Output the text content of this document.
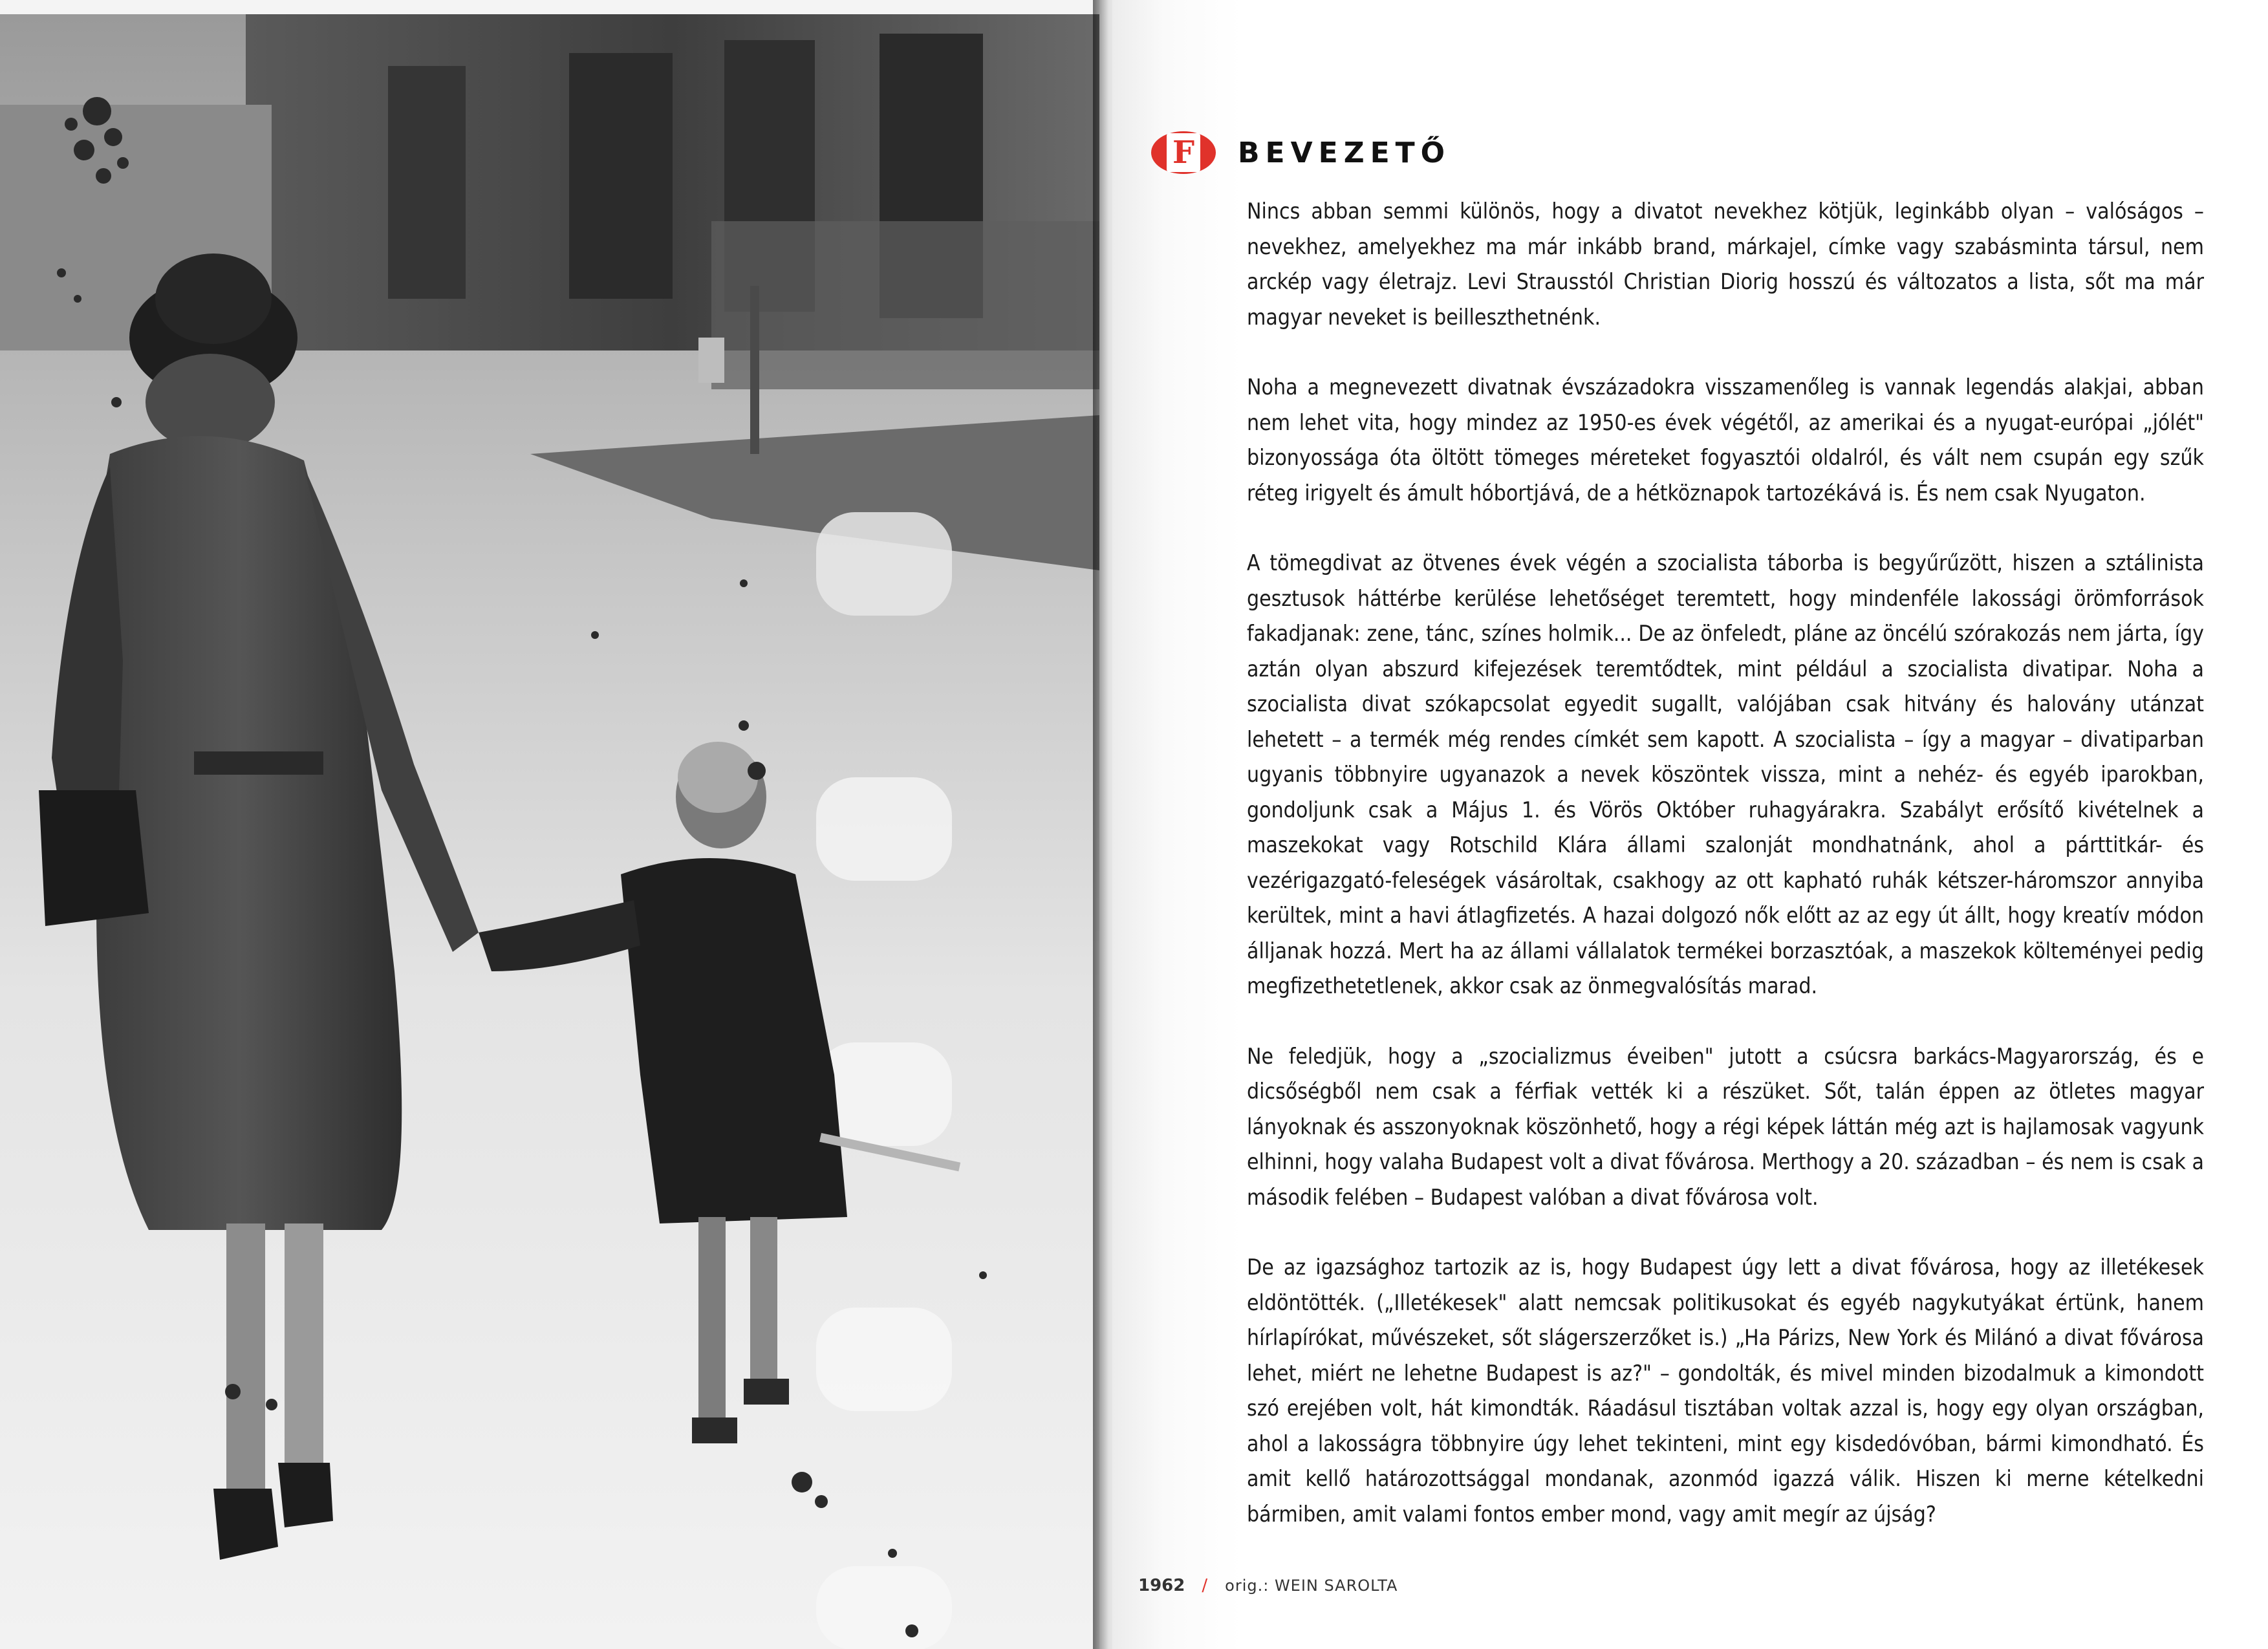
F BEVEZETŐ

Nincs abban semmi különös, hogy a divatot nevekhez kötjük, leginkább olyan – valóságos – nevekhez, amelyekhez ma már inkább brand, márkajel, címke vagy szabásminta társul, nem arckép vagy életrajz. Levi Strausstól Christian Diorig hosszú és változatos a lista, sőt ma már magyar neveket is beilleszthetnénk.

Noha a megnevezett divatnak évszázadokra visszamenőleg is vannak legendás alakjai, abban nem lehet vita, hogy mindez az 1950-es évek végétől, az amerikai és a nyugat-európai „jólét" bizonyossága óta öltött tömeges méreteket fogyasztói oldalról, és vált nem csupán egy szűk réteg irigyelt és ámult hóbortjává, de a hétköznapok tartozékává is. És nem csak Nyugaton.

A tömegdivat az ötvenes évek végén a szocialista táborba is begyűrűzött, hiszen a sztálinista gesztusok háttérbe kerülése lehetőséget teremtett, hogy mindenféle lakossági örömforrások fakadjanak: zene, tánc, színes holmik... De az önfeledt, pláne az öncélú szórakozás nem járta, így aztán olyan abszurd kifejezések teremtődtek, mint például a szocialista divatipar. Noha a szocialista divat szókapcsolat egyedit sugallt, valójában csak hitvány és halovány utánzat lehetett – a termék még rendes címkét sem kapott. A szocialista – így a magyar – divatiparban ugyanis többnyire ugyanazok a nevek köszöntek vissza, mint a nehéz- és egyéb iparokban, gondoljunk csak a Május 1. és Vörös Október ruhagyárakra. Szabályt erősítő kivételnek a maszekokat vagy Rotschild Klára állami szalonját mondhatnánk, ahol a párttitkár- és vezérigazgató-feleségek vásároltak, csakhogy az ott kapható ruhák kétszer-háromszor annyiba kerültek, mint a havi átlagfizetés. A hazai dolgozó nők előtt az az egy út állt, hogy kreatív módon álljanak hozzá. Mert ha az állami vállalatok termékei borzasztóak, a maszekok költeményei pedig megfizethetetlenek, akkor csak az önmegvalósítás marad.

Ne feledjük, hogy a „szocializmus éveiben" jutott a csúcsra barkács-Magyarország, és e dicsőségből nem csak a férfiak vették ki a részüket. Sőt, talán éppen az ötletes magyar lányoknak és asszonyoknak köszönhető, hogy a régi képek láttán még azt is hajlamosak vagyunk elhinni, hogy valaha Budapest volt a divat fővárosa. Merthogy a 20. században – és nem is csak a második felében – Budapest valóban a divat fővárosa volt.

De az igazsághoz tartozik az is, hogy Budapest úgy lett a divat fővárosa, hogy az illetékesek eldöntötték. („Illetékesek" alatt nemcsak politikusokat és egyéb nagykutyákat értünk, hanem hírlapírókat, művészeket, sőt slágerszerzőket is.) „Ha Párizs, New York és Milánó a divat fővárosa lehet, miért ne lehetne Budapest is az?" – gondolták, és mivel minden bizodalmuk a kimondott szó erejében volt, hát kimondták. Ráadásul tisztában voltak azzal is, hogy egy olyan országban, ahol a lakosságra többnyire úgy lehet tekinteni, mint egy kisdedóvóban, bármi kimondható. És amit kellő határozottsággal mondanak, azonmód igazzá válik. Hiszen ki merne kételkedni bármiben, amit valami fontos ember mond, vagy amit megír az újság?

1962 / orig.: WEIN SAROLTA
